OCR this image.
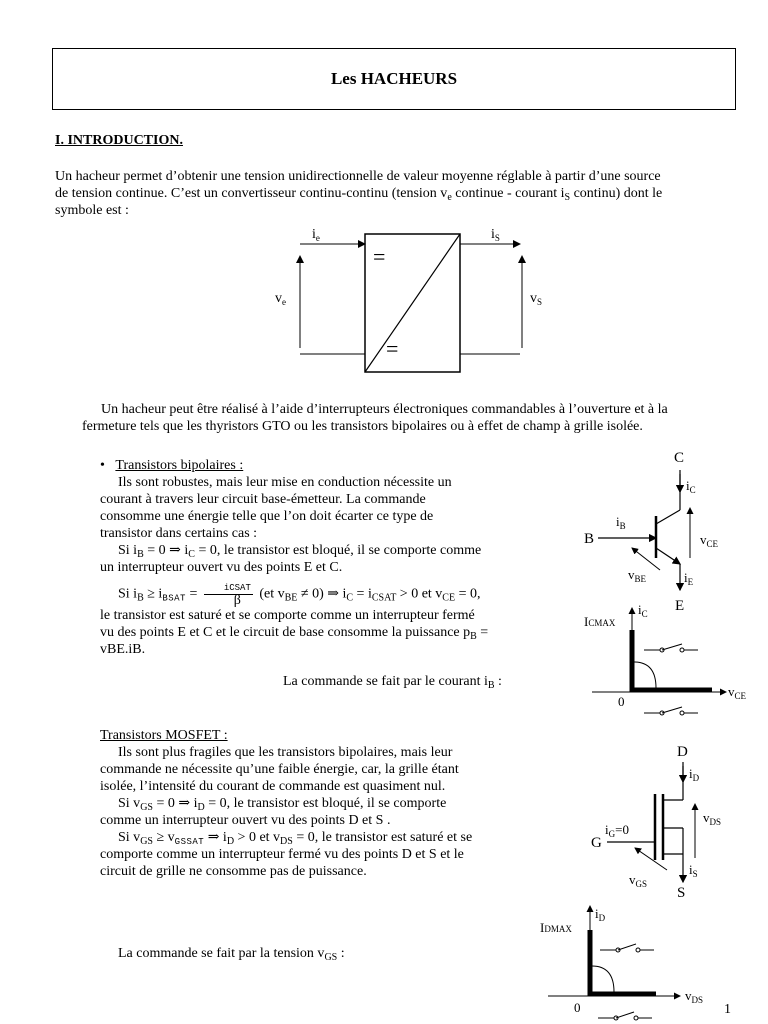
Les HACHEURS
I. INTRODUCTION.
Un hacheur permet d’obtenir une tension unidirectionnelle de valeur moyenne réglable à partir d’une source
de tension continue. C’est un convertisseur continu-continu (tension $v_e$ continue - courant $i_S$ continu) dont le
symbole est :
=
=
$i_e$	$i_S$
$v_e$	$v_S$
Un hacheur peut être réalisé à l’aide d’interrupteurs électroniques commandables à l’ouverture et à la
fermeture tels que les thyristors GTO ou les transistors bipolaires ou à effet de champ à grille isolée.
• Transistors bipolaires :
Ils sont robustes, mais leur mise en conduction nécessite un
courant à travers leur circuit base-émetteur. La commande
consomme une énergie telle que l’on doit écarter ce type de
transistor dans certains cas :
Si $i_B = 0$ ⇒ $i_C = 0$, le transistor est bloqué, il se comporte comme
un interrupteur ouvert vu des points E et C.
Si $i_B \ge i_{BSAT} = \frac{\text{iCSAT}}{\beta} (et$ $v_{BE} \ne 0$) ⇒ $i_C = i_{CSAT} > 0$ et $v_{CE} = 0$,
le transistor est saturé et se comporte comme un interrupteur fermé
vu des points E et C et le circuit de base consomme la puissance $p_B$ =
vBE.iB.
La commande se fait par le courant $i_B$ :
Transistors MOSFET :
Ils sont plus fragiles que les transistors bipolaires, mais leur
commande ne nécessite qu’une faible énergie, car, la grille étant
isolée, l’intensité du courant de commande est quasiment nul.
Si $v_{GS} = 0$ ⇒ $i_D = 0$, le transistor est bloqué, il se comporte
comme un interrupteur ouvert vu des points D et S .
Si $v_{GS} \ge v_{GSSAT}$ ⇒ $i_D > 0$ et $v_{DS} = 0$, le transistor est saturé et se
comporte comme un interrupteur fermé vu des points D et S et le
circuit de grille ne consomme pas de puissance.
La commande se fait par la tension $v_{GS}$ :
C
B
E
$i_C$
$i_B$
$i_E$
$v_{CE}$
$v_{BE}$
ICMAX
$i_C$
$v_{CE}$
0
D
G
S
$i_D$
$i_G=0$
$i_S$
$v_{DS}$
$v_{GS}$
IDMAX
$i_D$
$v_{DS}$
0	1
